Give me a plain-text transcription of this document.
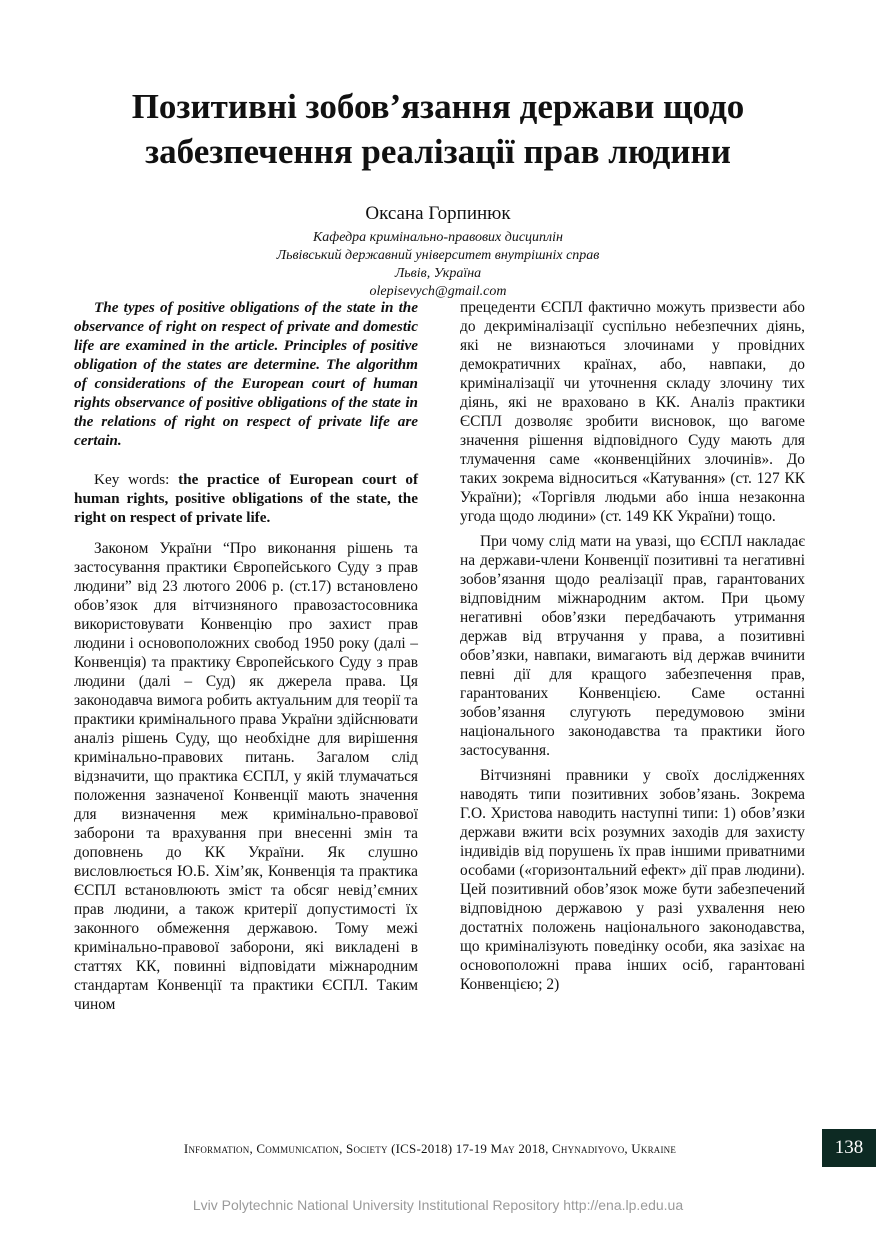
Позитивні зобов’язання держави щодо забезпечення реалізації прав людини
Оксана Горпинюк
Кафедра кримінально-правових дисциплін
Львівський державний університет внутрішніх справ
Львів, Україна
olepisevych@gmail.com

The types of positive obligations of the state in the observance of right on respect of private and domestic life are examined in the article. Principles of positive obligation of the states are determine. The algorithm of considerations of the European court of human rights observance of positive obligations of the state in the relations of right on respect of private life are certain.

Key words: the practice of European court of human rights, positive obligations of the state, the right on respect of private life.

Законом України “Про виконання рішень та застосування практики Європейського Суду з прав людини” від 23 лютого 2006 р. (ст.17) встановлено обов’язок для вітчизняного правозастосовника використовувати Конвенцію про захист прав людини і основоположних свобод 1950 року (далі – Конвенція) та практику Європейського Суду з прав людини (далі – Суд) як джерела права. Ця законодавча вимога робить актуальним для теорії та практики кримінального права України здійснювати аналіз рішень Суду, що необхідне для вирішення кримінально-правових питань. Загалом слід відзначити, що практика ЄСПЛ, у якій тлумачаться положення зазначеної Конвенції мають значення для визначення меж кримінально-правової заборони та врахування при внесенні змін та доповнень до КК України. Як слушно висловлюється Ю.Б. Хім’як, Конвенція та практика ЄСПЛ встановлюють зміст та обсяг невід’ємних прав людини, а також критерії допустимості їх законного обмеження державою. Тому межі кримінально-правової заборони, які викладені в статтях КК, повинні відповідати міжнародним стандартам Конвенції та практики ЄСПЛ. Таким чином

прецеденти ЄСПЛ фактично можуть призвести або до декриміналізації суспільно небезпечних діянь, які не визнаються злочинами у провідних демократичних країнах, або, навпаки, до криміналізації чи уточнення складу злочину тих діянь, які не враховано в КК. Аналіз практики ЄСПЛ дозволяє зробити висновок, що вагоме значення рішення відповідного Суду мають для тлумачення саме «конвенційних злочинів». До таких зокрема відноситься «Катування» (ст. 127 КК України); «Торгівля людьми або інша незаконна угода щодо людини» (ст. 149 КК України) тощо.

При чому слід мати на увазі, що ЄСПЛ накладає на держави-члени Конвенції позитивні та негативні зобов’язання щодо реалізації прав, гарантованих відповідним міжнародним актом. При цьому негативні обов’язки передбачають утримання держав від втручання у права, а позитивні обов’язки, навпаки, вимагають від держав вчинити певні дії для кращого забезпечення прав, гарантованих Конвенцією. Саме останні зобов’язання слугують передумовою зміни національного законодавства та практики його застосування.

Вітчизняні правники у своїх дослідженнях наводять типи позитивних зобов’язань. Зокрема Г.О. Христова наводить наступні типи: 1) обов’язки держави вжити всіх розумних заходів для захисту індивідів від порушень їх прав іншими приватними особами («горизонтальний ефект» дії прав людини). Цей позитивний обов’язок може бути забезпечений відповідною державою у разі ухвалення нею достатніх положень національного законодавства, що криміналізують поведінку особи, яка зазіхає на основоположні права інших осіб, гарантовані Конвенцією; 2)

Information, Communication, Society (ICS-2018) 17-19 May 2018, Chynadiyovo, Ukraine	138
Lviv Polytechnic National University Institutional Repository http://ena.lp.edu.ua
